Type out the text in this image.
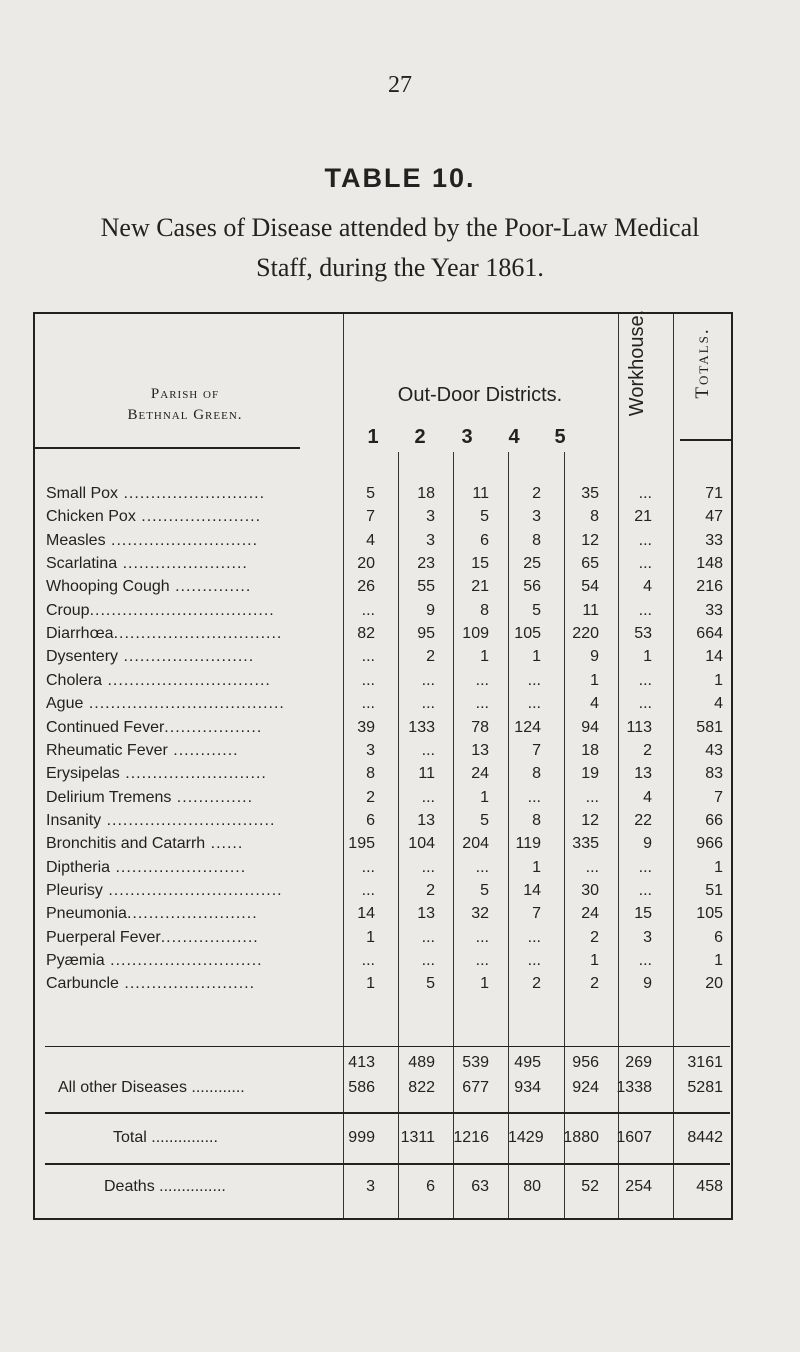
27
TABLE 10.
New Cases of Disease attended by the Poor-Law Medical
Staff, during the Year 1861.
Parish of
Bethnal Green.
Out-Door Districts.
1	2	3	4	5
Workhouse. Totals.
Small Pox ..........................	5	18	11	2	35	...	71
Chicken Pox ......................	7	3	5	3	8	21	47
Measles ...........................	4	3	6	8	12	...	33
Scarlatina .......................	20	23	15	25	65	...	148
Whooping Cough ..............	26	55	21	56	54	4	216
Croup..................................	...	9	8	5	11	...	33
Diarrhœa...............................	82	95	109	105	220	53	664
Dysentery ........................	...	2	1	1	9	1	14
Cholera ..............................	...	...	...	...	1	...	1
Ague ....................................	...	...	...	...	4	...	4
Continued Fever..................	39	133	78	124	94	113	581
Rheumatic Fever ............	3	...	13	7	18	2	43
Erysipelas ..........................	8	11	24	8	19	13	83
Delirium Tremens ..............	2	...	1	...	...	4	7
Insanity ...............................	6	13	5	8	12	22	66
Bronchitis and Catarrh ......	195	104	204	119	335	9	966
Diptheria ........................	...	...	...	1	...	...	1
Pleurisy ................................	...	2	5	14	30	...	51
Pneumonia........................	14	13	32	7	24	15	105
Puerperal Fever..................	1	...	...	...	2	3	6
Pyæmia ............................	...	...	...	...	1	...	1
Carbuncle ........................	1	5	1	2	2	9	20
413	489	539	495	956	269	3161
All other Diseases ............	586	822	677	934	924 1338	5281
Total ...............	999 1311 1216 1429 1880 1607	8442
Deaths ...............	3	6	63	80	52	254	458
